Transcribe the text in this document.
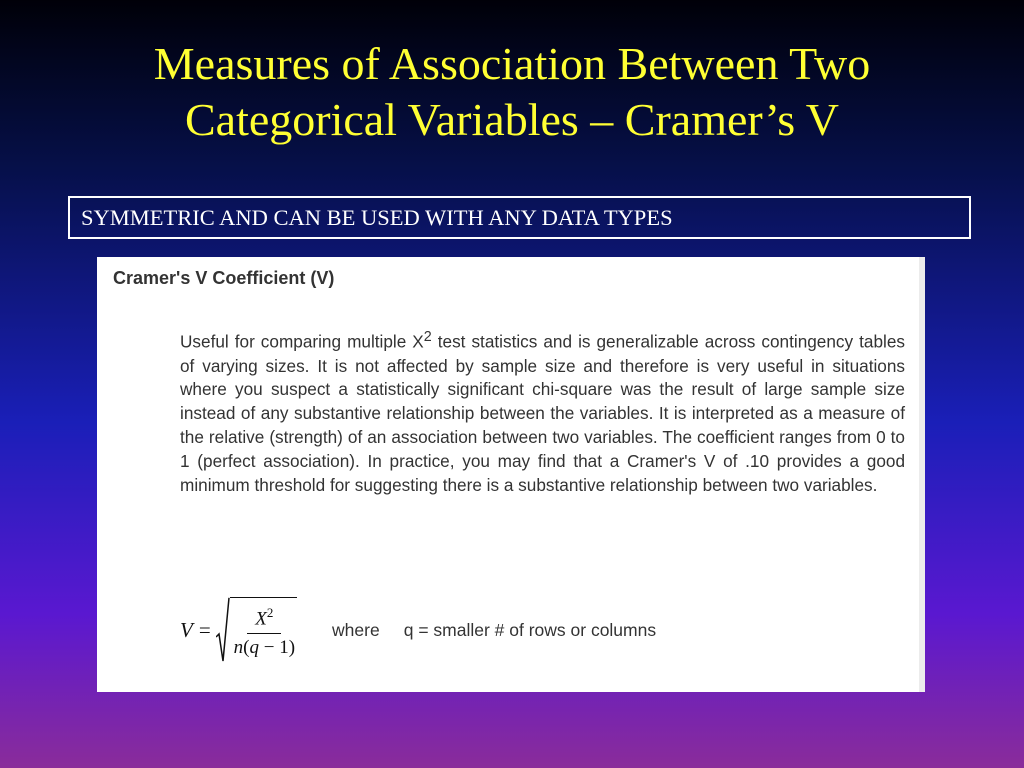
Measures of Association Between Two
Categorical Variables – Cramer’s V
SYMMETRIC AND CAN BE USED WITH ANY DATA TYPES
Cramer's V Coefficient (V)
Useful for comparing multiple $X^2$ test statistics and is generalizable across contingency tables of varying sizes. It is not affected by sample size and therefore is very useful in situations where you suspect a statistically significant chi-square was the result of large sample size instead of any substantive relationship between the variables. It is interpreted as a measure of the relative (strength) of an association between two variables. The coefficient ranges from 0 to 1 (perfect association). In practice, you may find that a Cramer's V of .10 provides a good minimum threshold for suggesting there is a substantive relationship between two variables.
$V = \frac{X^2}{n(q - 1)}$ where q = smaller # of rows or columns
